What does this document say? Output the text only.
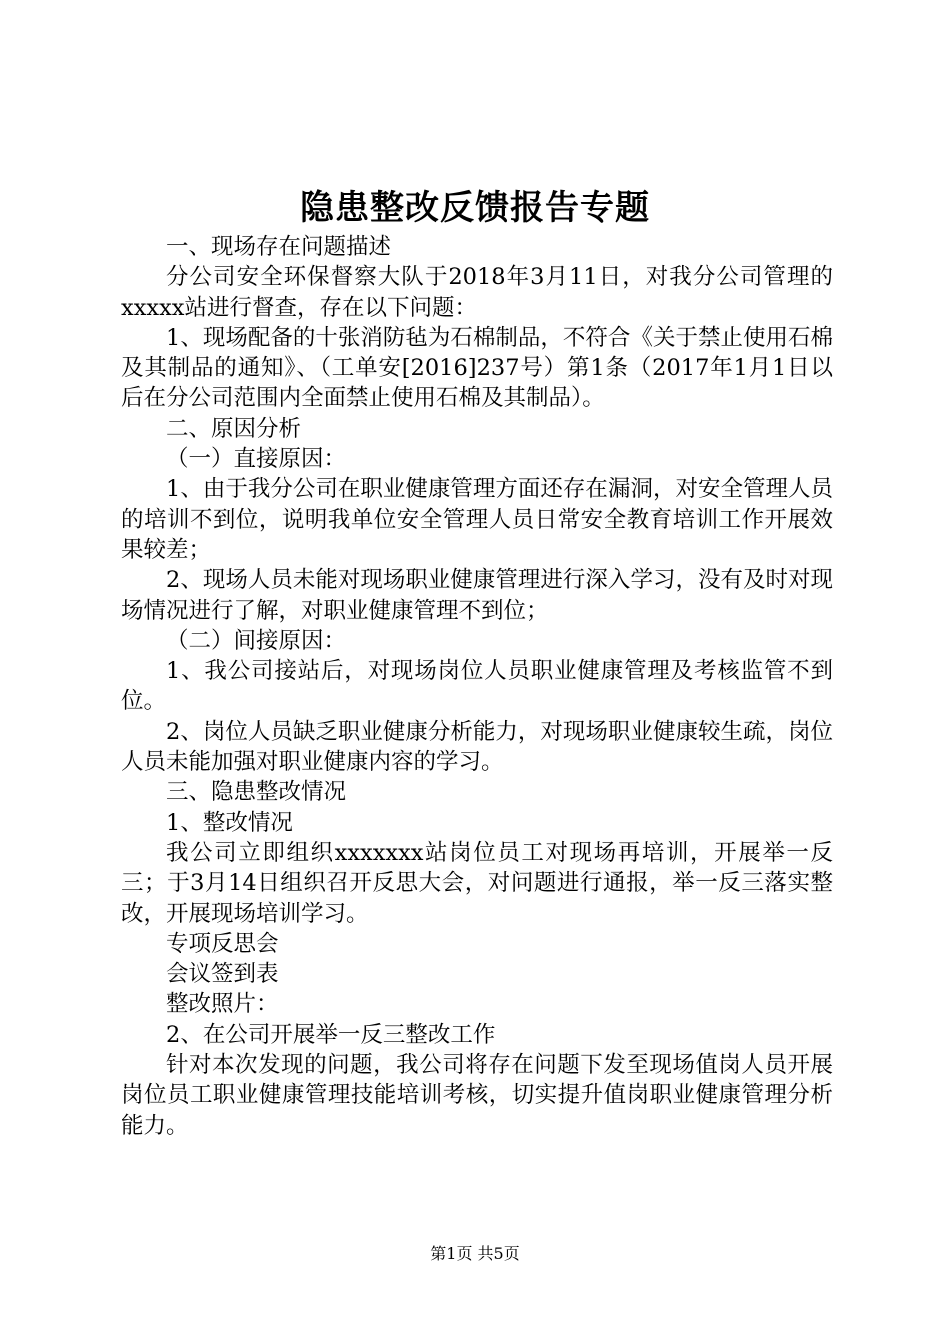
隐患整改反馈报告专题

一、现场存在问题描述

分公司安全环保督察大队于2018年3月11日，对我分公司管理的xxxxx站进行督查，存在以下问题：

1、现场配备的十张消防毡为石棉制品，不符合《关于禁止使用石棉及其制品的通知》、（工单安[2016]237号）第1条（2017年1月1日以后在分公司范围内全面禁止使用石棉及其制品）。

二、原因分析

（一）直接原因：

1、由于我分公司在职业健康管理方面还存在漏洞，对安全管理人员的培训不到位，说明我单位安全管理人员日常安全教育培训工作开展效果较差；

2、现场人员未能对现场职业健康管理进行深入学习，没有及时对现场情况进行了解，对职业健康管理不到位；

（二）间接原因：

1、我公司接站后，对现场岗位人员职业健康管理及考核监管不到位。

2、岗位人员缺乏职业健康分析能力，对现场职业健康较生疏，岗位人员未能加强对职业健康内容的学习。

三、隐患整改情况

1、整改情况

我公司立即组织xxxxxxx站岗位员工对现场再培训，开展举一反三；于3月14日组织召开反思大会，对问题进行通报，举一反三落实整改，开展现场培训学习。

专项反思会

会议签到表

整改照片：

2、在公司开展举一反三整改工作

针对本次发现的问题，我公司将存在问题下发至现场值岗人员开展岗位员工职业健康管理技能培训考核，切实提升值岗职业健康管理分析能力。

第1页 共5页
